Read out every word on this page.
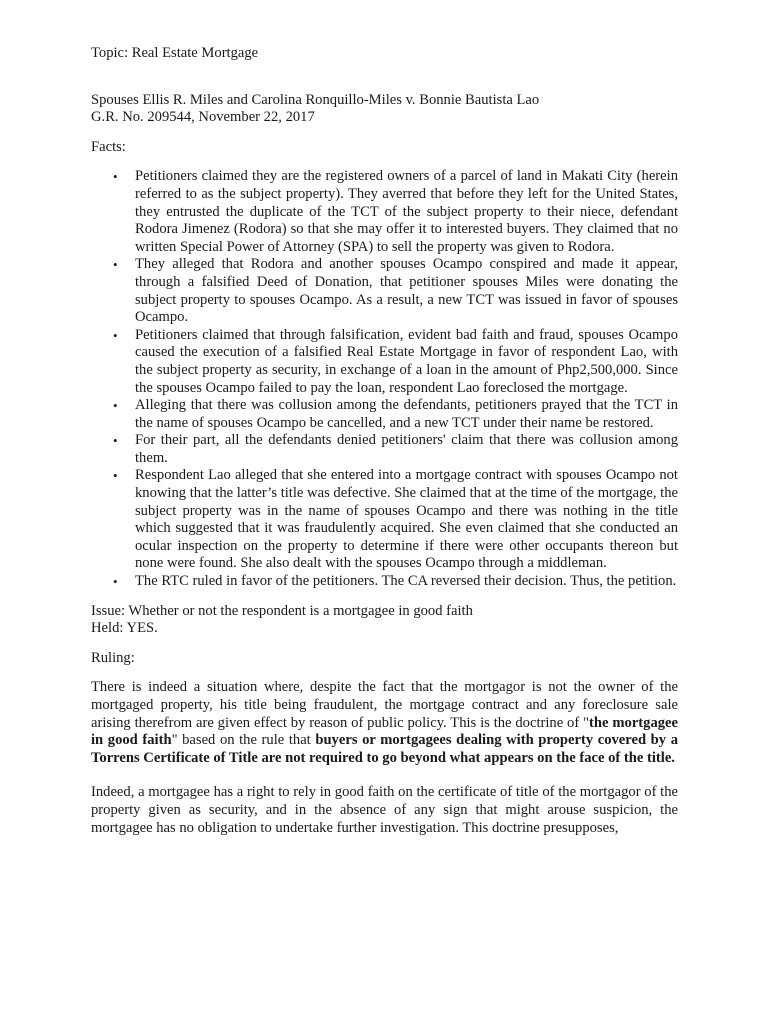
Topic: Real Estate Mortgage

Spouses Ellis R. Miles and Carolina Ronquillo-Miles v. Bonnie Bautista Lao

G.R. No. 209544, November 22, 2017

Facts:

• Petitioners claimed they are the registered owners of a parcel of land in Makati City (herein referred to as the subject property). They averred that before they left for the United States, they entrusted the duplicate of the TCT of the subject property to their niece, defendant Rodora Jimenez (Rodora) so that she may offer it to interested buyers. They claimed that no written Special Power of Attorney (SPA) to sell the property was given to Rodora.
• They alleged that Rodora and another spouses Ocampo conspired and made it appear, through a falsified Deed of Donation, that petitioner spouses Miles were donating the subject property to spouses Ocampo. As a result, a new TCT was issued in favor of spouses Ocampo.
• Petitioners claimed that through falsification, evident bad faith and fraud, spouses Ocampo caused the execution of a falsified Real Estate Mortgage in favor of respondent Lao, with the subject property as security, in exchange of a loan in the amount of Php2,500,000. Since the spouses Ocampo failed to pay the loan, respondent Lao foreclosed the mortgage.
• Alleging that there was collusion among the defendants, petitioners prayed that the TCT in the name of spouses Ocampo be cancelled, and a new TCT under their name be restored.
• For their part, all the defendants denied petitioners' claim that there was collusion among them.
• Respondent Lao alleged that she entered into a mortgage contract with spouses Ocampo not knowing that the latter’s title was defective. She claimed that at the time of the mortgage, the subject property was in the name of spouses Ocampo and there was nothing in the title which suggested that it was fraudulently acquired. She even claimed that she conducted an ocular inspection on the property to determine if there were other occupants thereon but none were found. She also dealt with the spouses Ocampo through a middleman.
• The RTC ruled in favor of the petitioners. The CA reversed their decision. Thus, the petition.

Issue: Whether or not the respondent is a mortgagee in good faith

Held: YES.

Ruling:

There is indeed a situation where, despite the fact that the mortgagor is not the owner of the mortgaged property, his title being fraudulent, the mortgage contract and any foreclosure sale arising therefrom are given effect by reason of public policy. This is the doctrine of "the mortgagee in good faith" based on the rule that buyers or mortgagees dealing with property covered by a Torrens Certificate of Title are not required to go beyond what appears on the face of the title.

Indeed, a mortgagee has a right to rely in good faith on the certificate of title of the mortgagor of the property given as security, and in the absence of any sign that might arouse suspicion, the mortgagee has no obligation to undertake further investigation. This doctrine presupposes,
